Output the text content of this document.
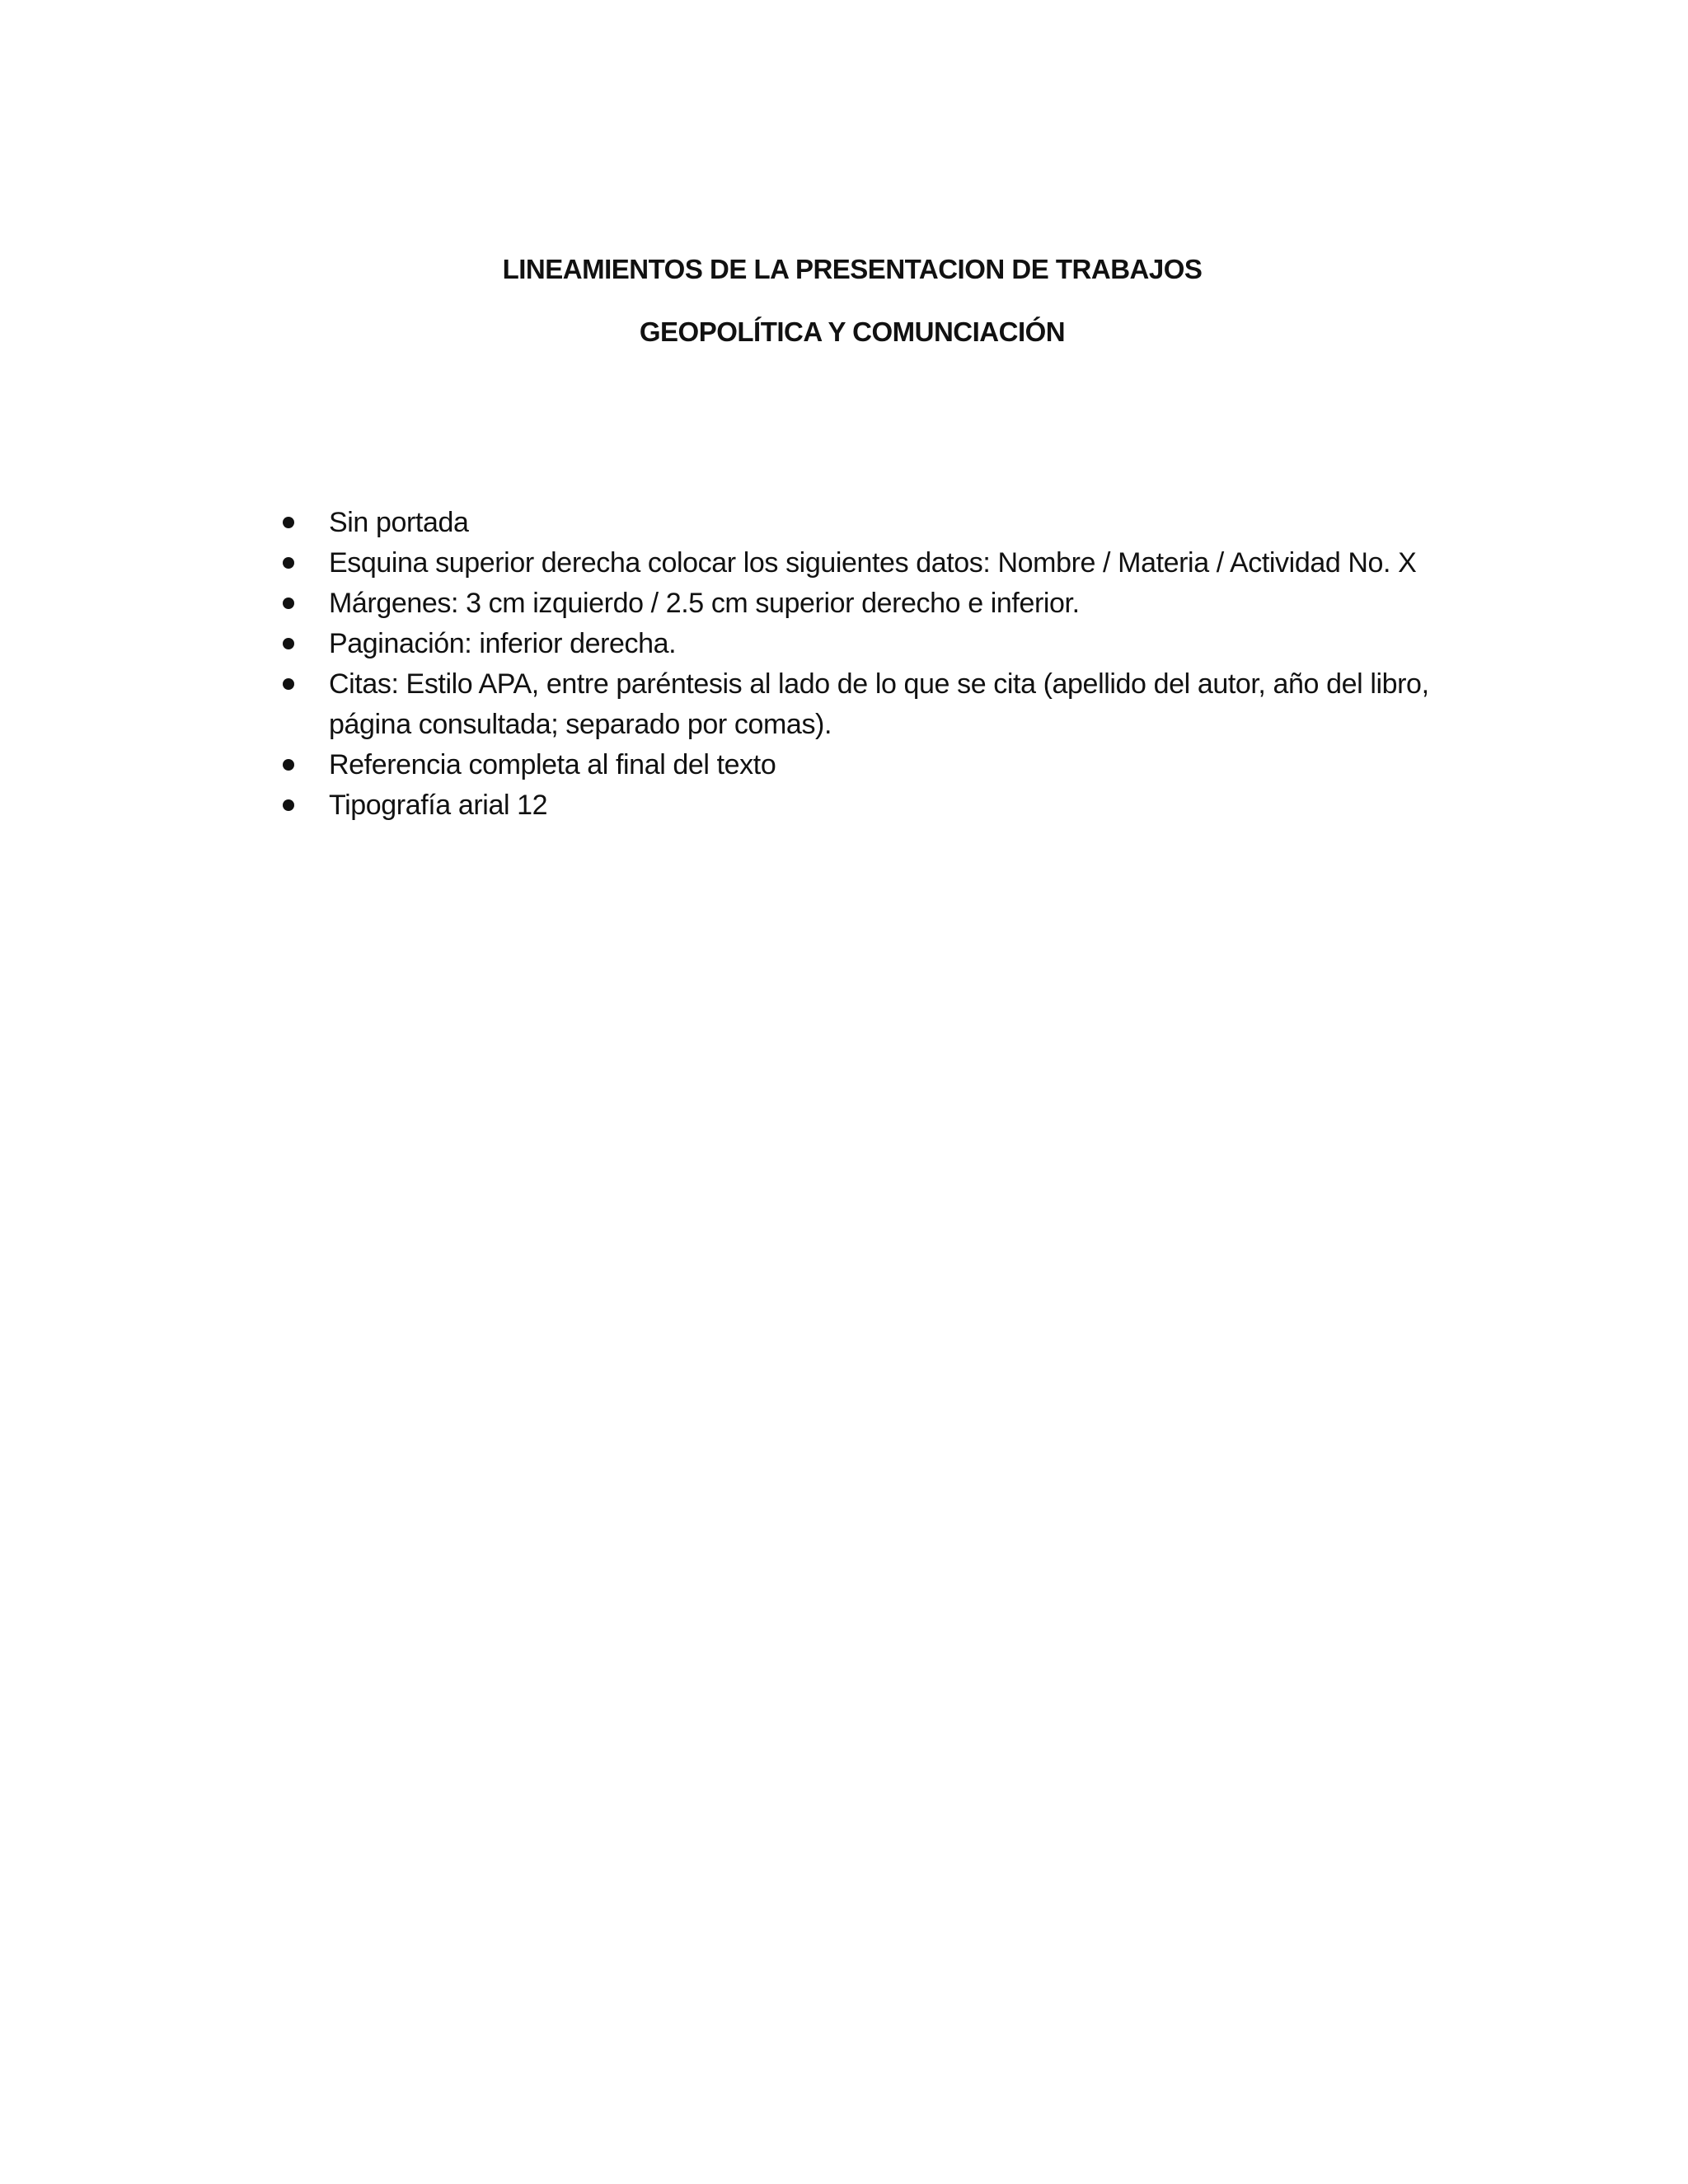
LINEAMIENTOS DE LA PRESENTACION DE TRABAJOS
GEOPOLÍTICA Y COMUNCIACIÓN
Sin portada
Esquina superior derecha colocar los siguientes datos: Nombre / Materia / Actividad No. X
Márgenes: 3 cm izquierdo / 2.5 cm superior derecho e inferior.
Paginación: inferior derecha.
Citas: Estilo APA, entre paréntesis al lado de lo que se cita (apellido del autor, año del libro, página consultada; separado por comas).
Referencia completa al final del texto
Tipografía arial 12
